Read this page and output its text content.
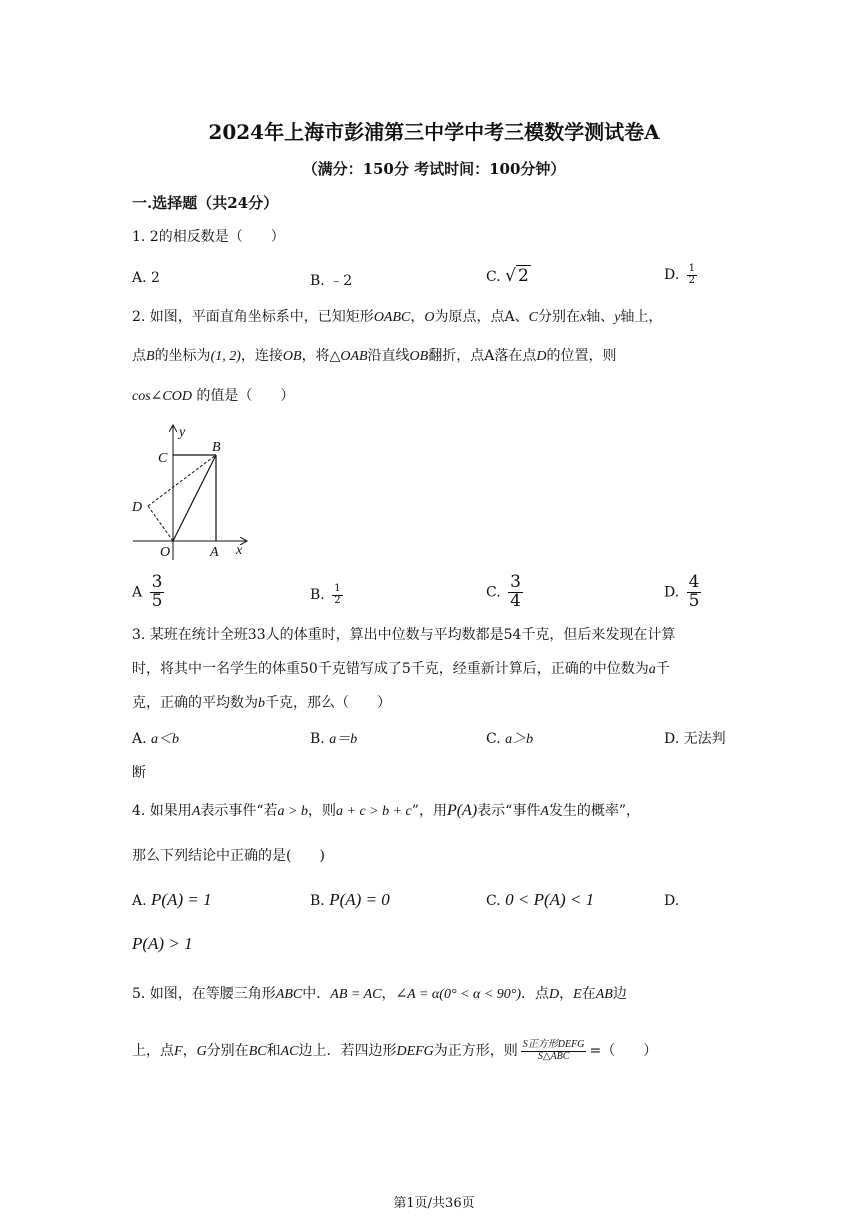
2024年上海市彭浦第三中学中考三模数学测试卷A
（满分：150分 考试时间：100分钟）
一.选择题（共24分）
1. 2的相反数是（　　）
A. 2	B. ﹣2	C. √ 2	D. $\frac{1}{2}$
2. 如图，平面直角坐标系中，已知矩形OABC，O为原点，点A、C分别在x轴、y轴上，
点B的坐标为(1, 2)，连接OB，将△OAB沿直线OB翻折，点A落在点D的位置，则
cos∠COD 的值是（　　）
y
C
B
D
O	A x
A $\frac{3}{5}$	B. $\frac{1}{2}$	C. $\frac{3}{4}$	D. $\frac{4}{5}$
3. 某班在统计全班33人的体重时，算出中位数与平均数都是54千克，但后来发现在计算
时，将其中一名学生的体重50千克错写成了5千克，经重新计算后，正确的中位数为a千
克，正确的平均数为b千克，那么（　　）
A. a＜b	B. a＝b	C. a＞b	D. 无法判
断
4. 如果用A表示事件“若a > b，则a + c > b + c”，用P(A)表示“事件A发生的概率”，
那么下列结论中正确的是(　　)
A. P(A) = 1	B. P(A) = 0	C. 0 < P(A) < 1	D.
P(A) > 1
5. 如图，在等腰三角形ABC中．AB = AC，∠A = α(0° < α < 90°)．点D，E在AB边
上，点F，G分别在BC和AC边上．若四边形DEFG为正方形，则 $\frac{\text{S正方形DEFG}}{\text{S△ABC}}$ =（　　）
第1页/共36页
